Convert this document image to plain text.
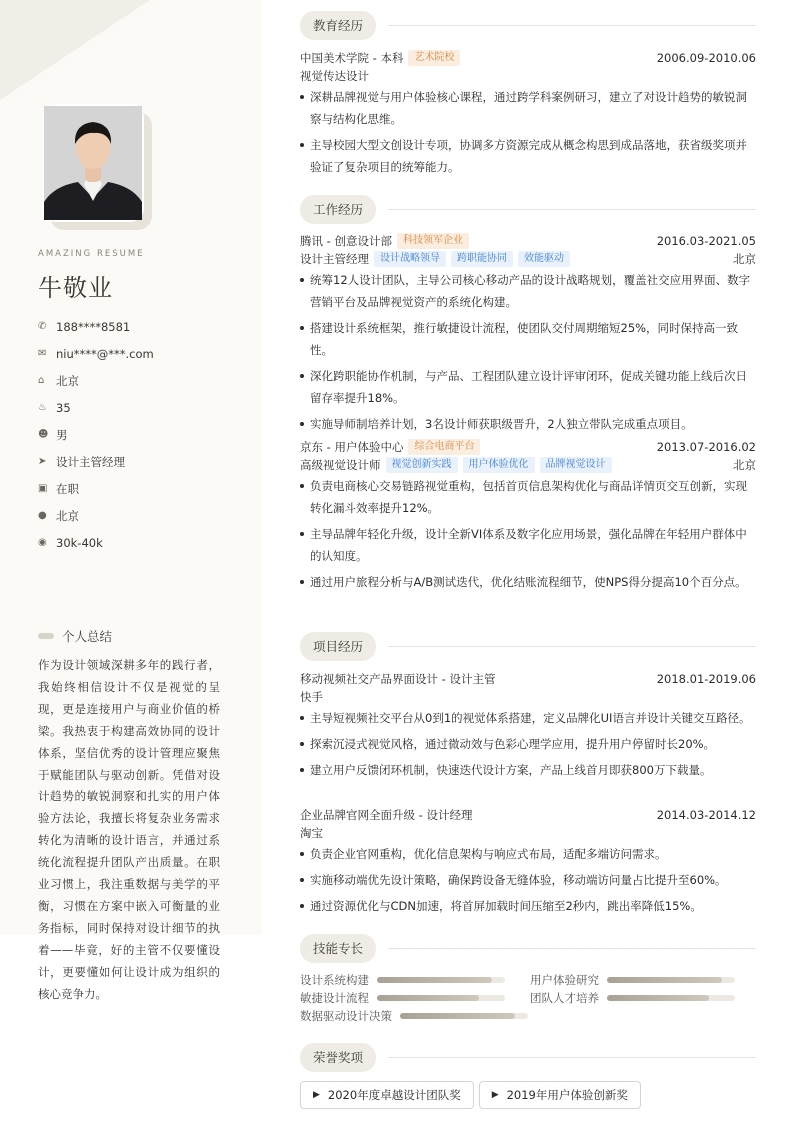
AMAZING RESUME
牛敬业
✆ 188****8581
✉ niu****@***.com
⌂	北京
♨ 35
☻ 男
➤ 设计主管经理
▣ 在职
● 北京
◉ 30k-40k
个人总结
作为设计领域深耕多年的践行者，我始终相信设计不仅是视觉的呈现，更是连接用户与商业价值的桥梁。我热衷于构建高效协同的设计体系，坚信优秀的设计管理应聚焦于赋能团队与驱动创新。凭借对设计趋势的敏锐洞察和扎实的用户体验方法论，我擅长将复杂业务需求转化为清晰的设计语言，并通过系统化流程提升团队产出质量。在职业习惯上，我注重数据与美学的平衡，习惯在方案中嵌入可衡量的业务指标，同时保持对设计细节的执着——毕竟，好的主管不仅要懂设计，更要懂如何让设计成为组织的核心竞争力。
教育经历
中国美术学院 - 本科	艺术院校	2006.09-2010.06
视觉传达设计
深耕品牌视觉与用户体验核心课程，通过跨学科案例研习，建立了对设计趋势的敏锐洞察与结构化思维。
主导校园大型文创设计专项，协调多方资源完成从概念构思到成品落地，获省级奖项并验证了复杂项目的统筹能力。
工作经历
腾讯 - 创意设计部	科技领军企业	2016.03-2021.05
设计主管经理	设计战略领导	跨职能协同	效能驱动	北京
统筹12人设计团队，主导公司核心移动产品的设计战略规划，覆盖社交应用界面、数字营销平台及品牌视觉资产的系统化构建。
搭建设计系统框架，推行敏捷设计流程，使团队交付周期缩短25%，同时保持高一致性。
深化跨职能协作机制，与产品、工程团队建立设计评审闭环，促成关键功能上线后次日留存率提升18%。
实施导师制培养计划，3名设计师获职级晋升，2人独立带队完成重点项目。
京东 - 用户体验中心	综合电商平台	2013.07-2016.02
高级视觉设计师	视觉创新实践	用户体验优化	品牌视觉设计	北京
负责电商核心交易链路视觉重构，包括首页信息架构优化与商品详情页交互创新，实现转化漏斗效率提升12%。
主导品牌年轻化升级，设计全新VI体系及数字化应用场景，强化品牌在年轻用户群体中的认知度。
通过用户旅程分析与A/B测试迭代，优化结账流程细节，使NPS得分提高10个百分点。
项目经历
移动视频社交产品界面设计 - 设计主管	2018.01-2019.06
快手
主导短视频社交平台从0到1的视觉体系搭建，定义品牌化UI语言并设计关键交互路径。
探索沉浸式视觉风格，通过微动效与色彩心理学应用，提升用户停留时长20%。
建立用户反馈闭环机制，快速迭代设计方案，产品上线首月即获800万下载量。
企业品牌官网全面升级 - 设计经理	2014.03-2014.12
淘宝
负责企业官网重构，优化信息架构与响应式布局，适配多端访问需求。
实施移动端优先设计策略，确保跨设备无缝体验，移动端访问量占比提升至60%。
通过资源优化与CDN加速，将首屏加载时间压缩至2秒内，跳出率降低15%。
技能专长
设计系统构建	用户体验研究
敏捷设计流程	团队人才培养
数据驱动设计决策
荣誉奖项
▶ 2020年度卓越设计团队奖	▶ 2019年用户体验创新奖
